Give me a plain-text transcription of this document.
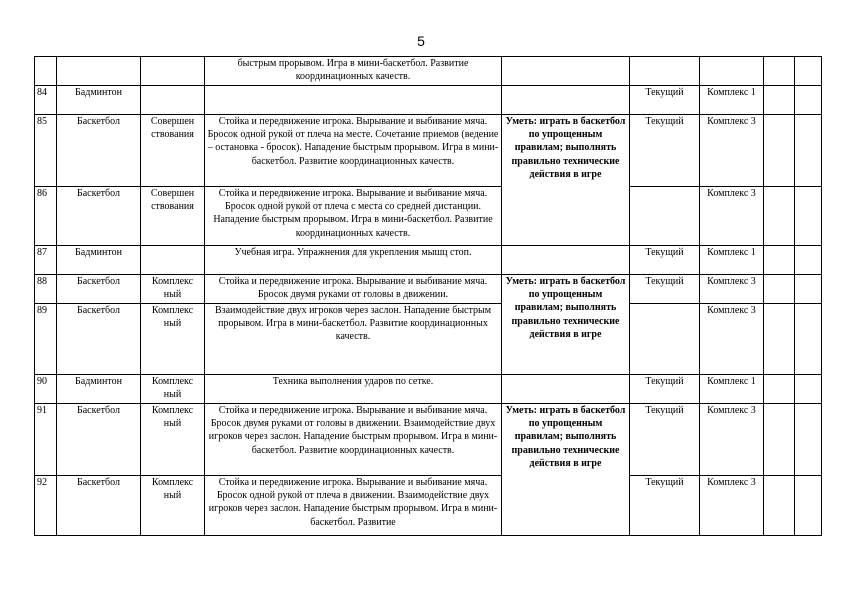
5
			быстрым прорывом. Игра в мини-баскетбол. Развитие координационных качеств.					
84	Бадминтон				Текущий	Комплекс 1		
85	Баскетбол	Совершен ствования	Стойка и передвижение игрока. Вырывание и выбивание мяча. Бросок одной рукой от плеча на месте. Сочетание приемов (ведение – остановка - бросок). Нападение быстрым прорывом. Игра в мини-баскетбол. Развитие координационных качеств.	Уметь: играть в баскетбол по упрощенным правилам; выполнять правильно технические действия в игре	Текущий	Комплекс 3		
86	Баскетбол	Совершен ствования	Стойка и передвижение игрока. Вырывание и выбивание мяча. Бросок одной рукой от плеча с места со средней дистанции. Нападение быстрым прорывом. Игра в мини-баскетбол. Развитие координационных качеств.			Комплекс 3		
87	Бадминтон		Учебная игра. Упражнения для укрепления мышц стоп.		Текущий	Комплекс 1		
88	Баскетбол	Комплекс ный	Стойка и передвижение игрока. Вырывание и выбивание мяча. Бросок двумя руками от головы в движении.	Уметь: играть в баскетбол по упрощенным правилам; выполнять правильно технические действия в игре	Текущий	Комплекс 3		
89	Баскетбол	Комплекс ный	Взаимодействие двух игроков через заслон. Нападение быстрым прорывом. Игра в мини-баскетбол. Развитие координационных качеств.			Комплекс 3		
90	Бадминтон	Комплекс ный	Техника выполнения ударов по сетке.		Текущий	Комплекс 1		
91	Баскетбол	Комплекс ный	Стойка и передвижение игрока. Вырывание и выбивание мяча. Бросок двумя руками от головы в движении. Взаимодействие двух игроков через заслон. Нападение быстрым прорывом. Игра в мини-баскетбол. Развитие координационных качеств.	Уметь: играть в баскетбол по упрощенным правилам; выполнять правильно технические действия в игре	Текущий	Комплекс 3		
92	Баскетбол	Комплекс ный	Стойка и передвижение игрока. Вырывание и выбивание мяча. Бросок одной рукой от плеча в движении. Взаимодействие двух игроков через заслон. Нападение быстрым прорывом. Игра в мини-баскетбол. Развитие		Текущий	Комплекс 3		
